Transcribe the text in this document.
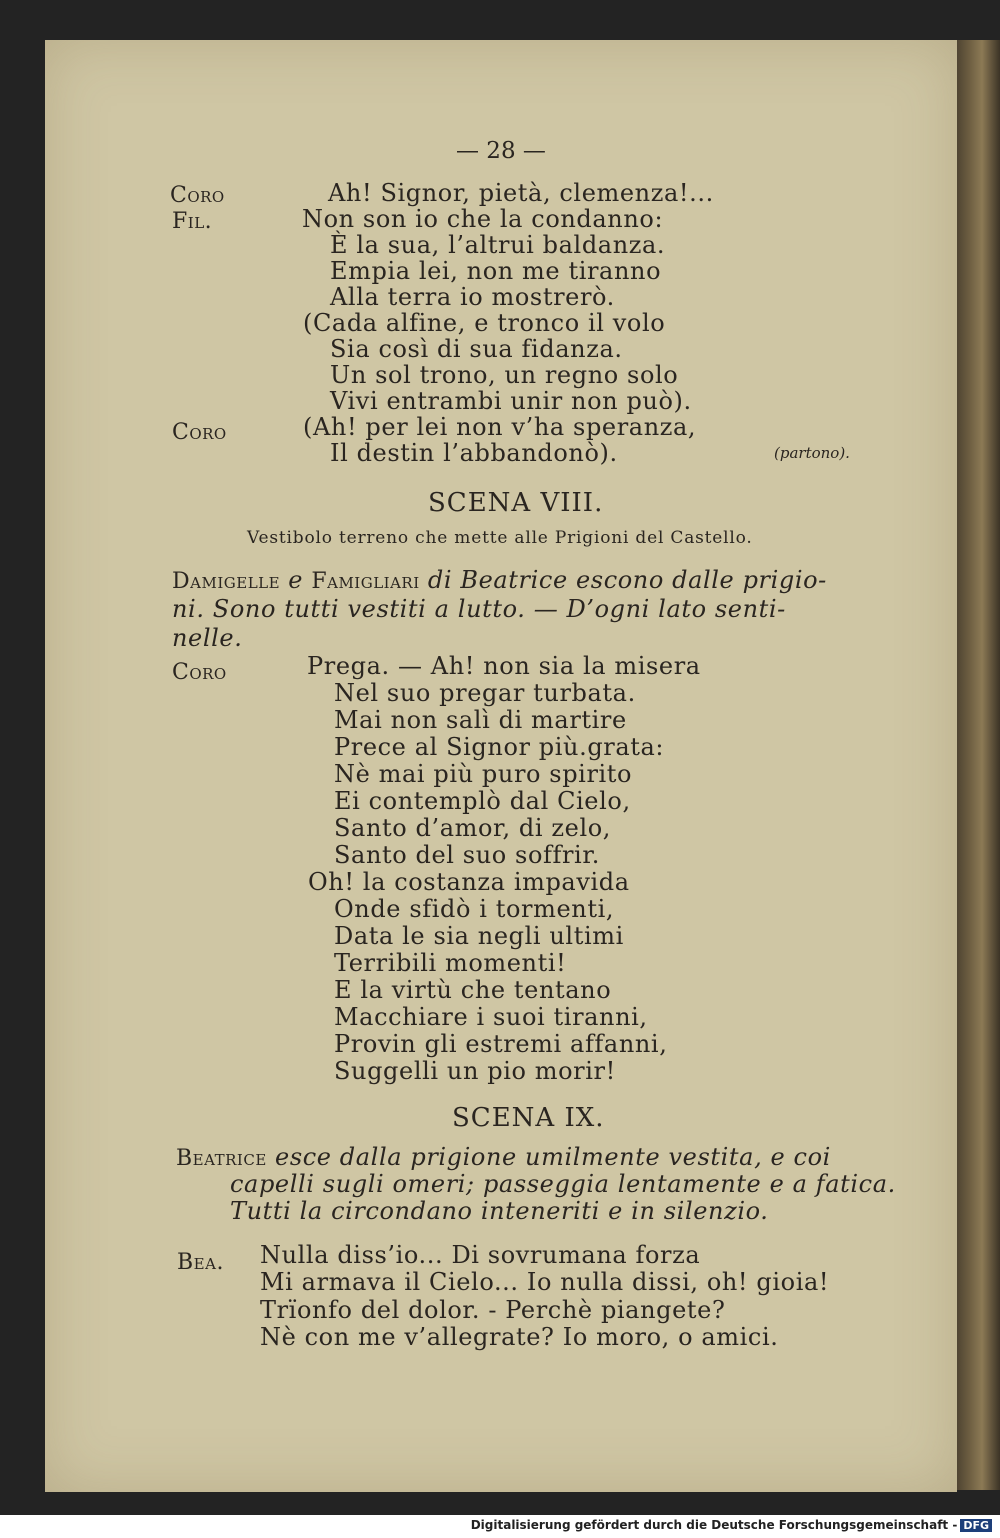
— 28 —
Coro	Ah! Signor, pietà, clemenza!...
Fil.	Non son io che la condanno:
È la sua, l’altrui baldanza.
Empia lei, non me tiranno
Alla terra io mostrerò.
(Cada alfine, e tronco il volo
Sia così di sua fidanza.
Un sol trono, un regno solo
Vivi entrambi unir non può).
Coro	(Ah! per lei non v’ha speranza,
Il destin l’abbandonò).	(partono).
SCENA VIII.
Vestibolo terreno che mette alle Prigioni del Castello.
Damigelle e Famigliari di Beatrice escono dalle prigio-
ni. Sono tutti vestiti a lutto. — D’ogni lato senti-
nelle.
Coro	Prega. — Ah! non sia la misera
Nel suo pregar turbata.
Mai non salì di martire
Prece al Signor più.grata:
Nè mai più puro spirito
Ei contemplò dal Cielo,
Santo d’amor, di zelo,
Santo del suo soffrir.
Oh! la costanza impavida
Onde sfidò i tormenti,
Data le sia negli ultimi
Terribili momenti!
E la virtù che tentano
Macchiare i suoi tiranni,
Provin gli estremi affanni,
Suggelli un pio morir!
SCENA IX.
Beatrice esce dalla prigione umilmente vestita, e coi
capelli sugli omeri; passeggia lentamente e a fatica.
Tutti la circondano inteneriti e in silenzio.
Bea. Nulla diss’io... Di sovrumana forza
Mi armava il Cielo... Io nulla dissi, oh! gioia!
Trïonfo del dolor. - Perchè piangete?
Nè con me v’allegrate? Io moro, o amici.
Digitalisierung gefördert durch die Deutsche Forschungsgemeinschaft - DFG
